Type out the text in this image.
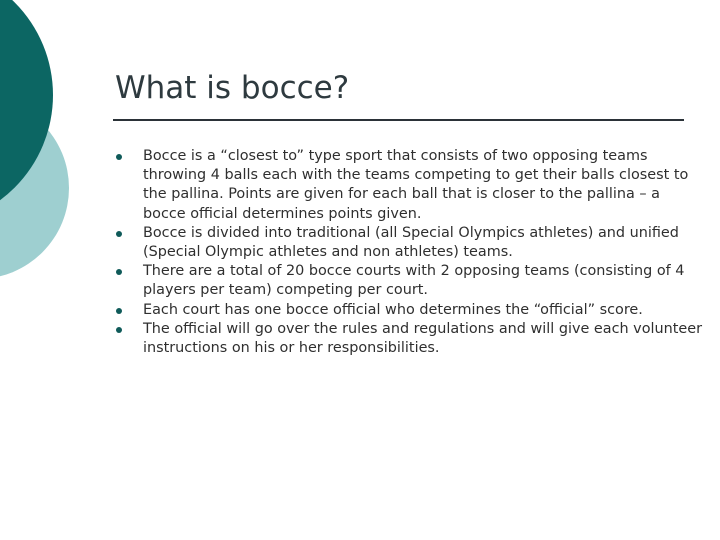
What is bocce?
Bocce is a “closest to” type sport that consists of two opposing teams throwing 4 balls each with the teams competing to get their balls closest to the pallina. Points are given for each ball that is closer to the pallina – a bocce official determines points given.
Bocce is divided into traditional (all Special Olympics athletes) and unified (Special Olympic athletes and non athletes) teams.
There are a total of 20 bocce courts with 2 opposing teams (consisting of 4 players per team) competing per court.
Each court has one bocce official who determines the “official” score.
The official will go over the rules and regulations and will give each volunteer instructions on his or her responsibilities.
